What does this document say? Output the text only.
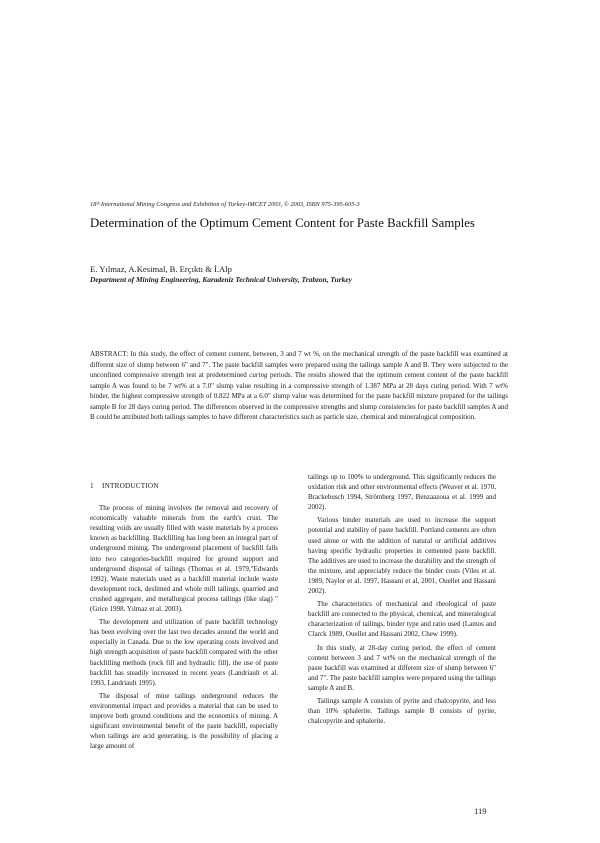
18ᵗʰ International Mining Congress and Exhibition of Turkey-IMCET 2003, © 2003, ISBN 975-395-605-3
Determination of the Optimum Cement Content for Paste Backfill Samples
E. Yılmaz, A.Kesimal, B. Erçıktı & İ.Alp
Department of Mining Engineering, Karadeniz Technical University, Trabzon, Turkey

ABSTRACT: In this study, the effect of cement content, between, 3 and 7 wt %, on the mechanical strength of the paste backfill was examined at different size of slump between 6" and 7". The paste backfill samples were prepared using the tailings sample A and B. They were subjected to the unconfined compressive strength test at predetermined curing periods. The results showed that the optimum cement content of the paste backfill sample A was found to be 7 wt% at a 7.0" slump value resulting in a compressive strength of 1.387 MPa at 28 days curing period. With 7 wt% binder, the highest compressive strength of 0.822 MPa at a 6.0" slump value was determined for the paste backfill mixture prepared for the tailings sample B for 28 days curing period. The differences observed in the compressive strengths and slump consistencies for paste backfill samples A and B could be attributed both tailings samples to have different characteristics such as particle size, chemical and mineralogical composition.

1 INTRODUCTION

The process of mining involves the removal and recovery of economically valuable minerals from the earth's crust. The resulting voids are usually filled with waste materials by a process known as backfilling. Backfilling has long been an integral part of underground mining. The underground placement of backfill falls into two categories-backfill required for ground support and underground disposal of tailings (Thomas et al. 1979,"Edwards 1992). Waste materials used as a backfill material include waste development rock, deslimed and whole mill tailings, quarried and crushed aggregate, and metallurgical process tailings (like slag) "(Grice 1998. Yılmaz et al. 2003).

The development and utilization of paste backfill technology has been evolving over the last two decades around the world and especially in Canada. Due to the low operating costs involved and high strength acquisition of paste backfill compared with the other backfilling methods (rock fill and hydraulic fill), the use of paste backfill has steadily increased in recent years (Landriault et al. 1993, Landriault 1995).

The disposal of mine tailings underground reduces the environmental impact and provides a material that can be used to improve both ground conditions and the economics of mining. A significant environmental benefit of the paste backfill, especially when tailings are acid generating, is the possibility of placing a large amount of

tailings up to 100% to underground. This significantly reduces the oxidation risk and other environmental effects (Weaver et al. 1970, Brackebusch 1994, Strömberg 1997, Benzaazoua et al. 1999 and 2002).

Various binder materials are used to increase the support potential and stability of paste backfill. Portland cements are often used alone or with the addition of natural or artificial additives having specific hydraulic properties in cemented paste backfill. The additives are used to increase the durability and the strength of the mixture, and appreciably reduce the binder costs (Viles et al. 1989, Naylor et al. 1997, Hassani et al, 2001, Ouellet and Hassani 2002).

The characteristics of mechanical and rheological of paste backfill are connected to the physical, chemical, and mineralogical characterization of tailings, binder type and ratio used (Lamos and Clarck 1989, Ouellet and Hassani 2002, Chew 1999).

In this study, at 28-day curing period, the effect of cement content between 3 and 7 wt% on the mechanical strength of the paste backfill was examined at different size of slump between 6" and 7". The paste backfill samples were prepared using the tailings sample A and B.

Tailings sample A consists of pyrite and chalcopyrite, and less than 10% sphalerite. Tailings sample B consists of pyrite, chalcopyrite and sphalerite.

119
